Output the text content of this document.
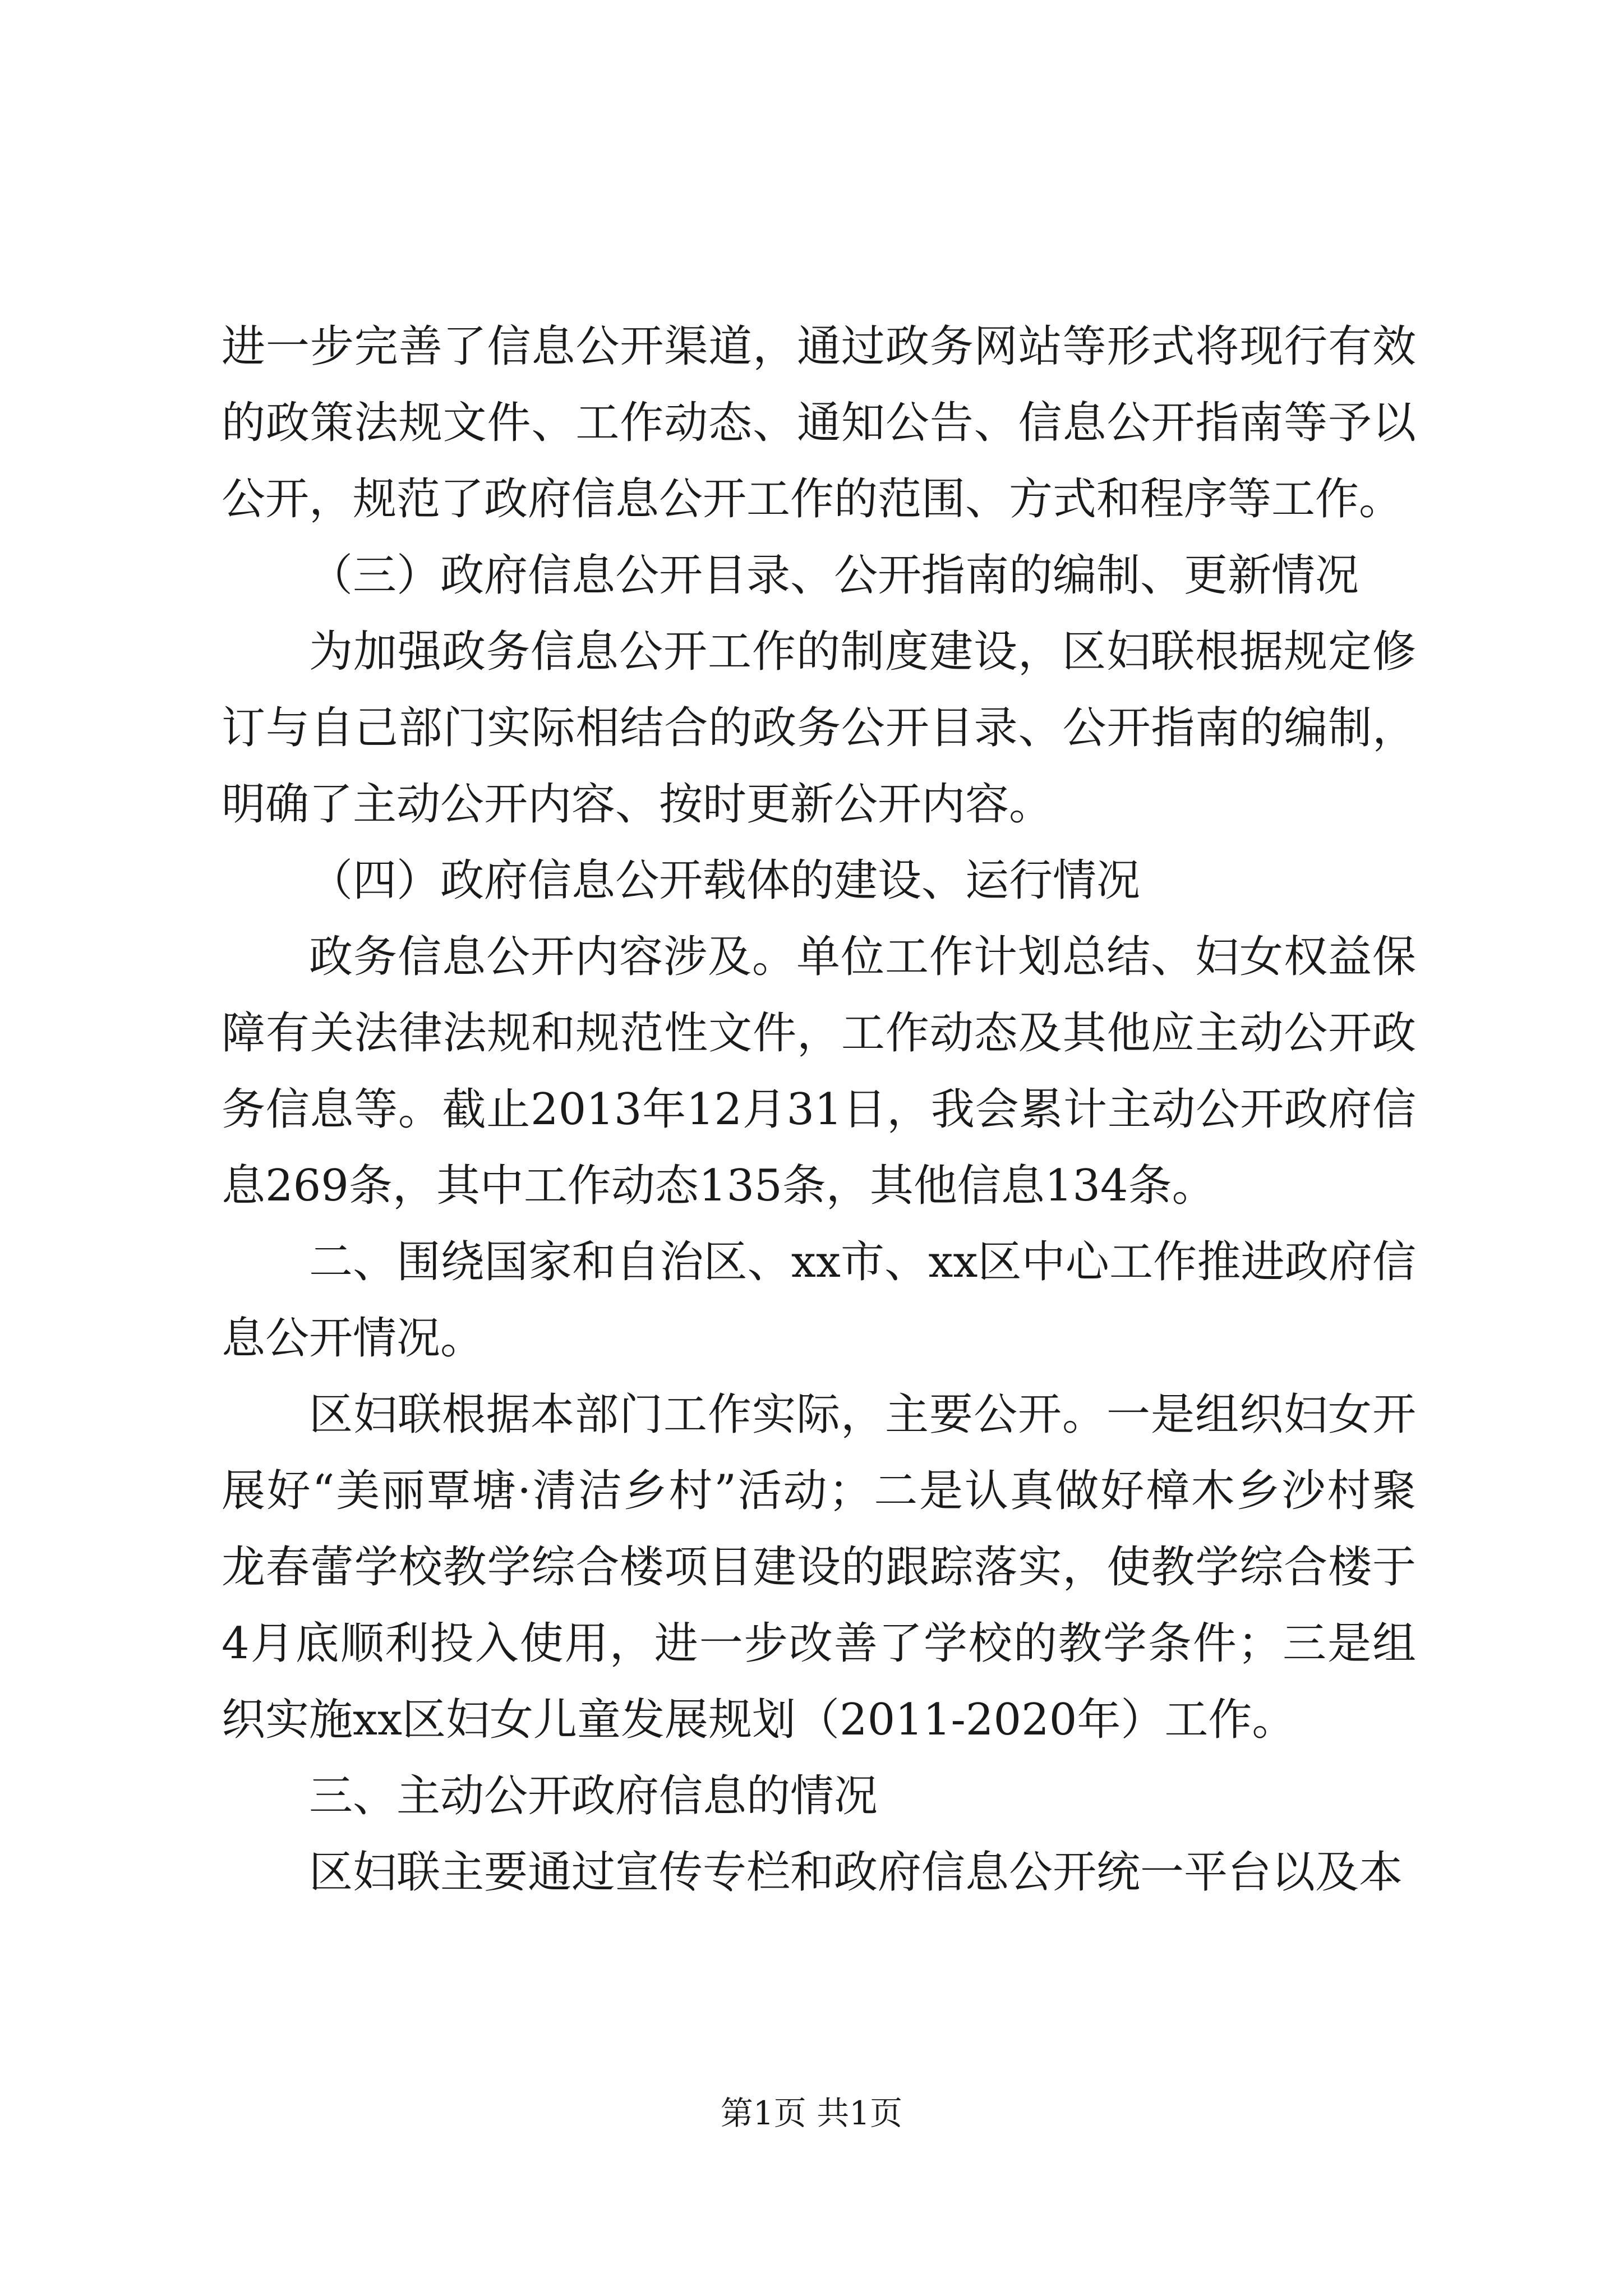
进一步完善了信息公开渠道，通过政务网站等形式将现行有效的政策法规文件、工作动态、通知公告、信息公开指南等予以公开，规范了政府信息公开工作的范围、方式和程序等工作。

（三）政府信息公开目录、公开指南的编制、更新情况

为加强政务信息公开工作的制度建设，区妇联根据规定修订与自己部门实际相结合的政务公开目录、公开指南的编制，明确了主动公开内容、按时更新公开内容。

（四）政府信息公开载体的建设、运行情况

政务信息公开内容涉及。单位工作计划总结、妇女权益保障有关法律法规和规范性文件，工作动态及其他应主动公开政务信息等。截止2013年12月31日，我会累计主动公开政府信息269条，其中工作动态135条，其他信息134条。

二、围绕国家和自治区、xx市、xx区中心工作推进政府信息公开情况。

区妇联根据本部门工作实际，主要公开。一是组织妇女开展好“美丽覃塘·清洁乡村”活动；二是认真做好樟木乡沙村聚龙春蕾学校教学综合楼项目建设的跟踪落实，使教学综合楼于4月底顺利投入使用，进一步改善了学校的教学条件；三是组织实施xx区妇女儿童发展规划（2011-2020年）工作。

三、主动公开政府信息的情况

区妇联主要通过宣传专栏和政府信息公开统一平台以及本

第1页 共1页
